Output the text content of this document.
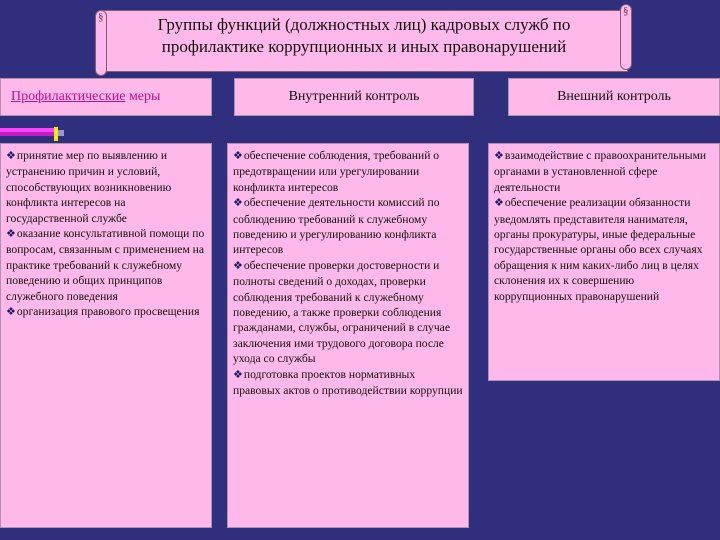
§	§
Группы функций (должностных лиц) кадровых служб по
профилактике коррупционных и иных правонарушений
Профилактические меры	Внутренний контроль	Внешний контроль

❖принятие мер по выявлению и устранению причин и условий, способствующих возникновению конфликта интересов на государственной службе

❖оказание консультативной помощи по вопросам, связанным с применением на практике требований к служебному поведению и общих принципов служебного поведения

❖организация правового просвещения

❖обеспечение соблюдения, требований о предотвращении или урегулировании конфликта интересов

❖обеспечение деятельности комиссий по соблюдению требований к служебному поведению и урегулированию конфликта интересов

❖обеспечение проверки достоверности и полноты сведений о доходах, проверки соблюдения требований к служебному поведению, а также проверки соблюдения гражданами, службы, ограничений в случае заключения ими трудового договора после ухода со службы

❖подготовка проектов нормативных правовых актов о противодействии коррупции

❖взаимодействие с правоохранительными органами в установленной сфере деятельности

❖обеспечение реализации обязанности уведомлять представителя нанимателя, органы прокуратуры, иные федеральные государственные органы обо всех случаях обращения к ним каких-либо лиц в целях склонения их к совершению коррупционных правонарушений
